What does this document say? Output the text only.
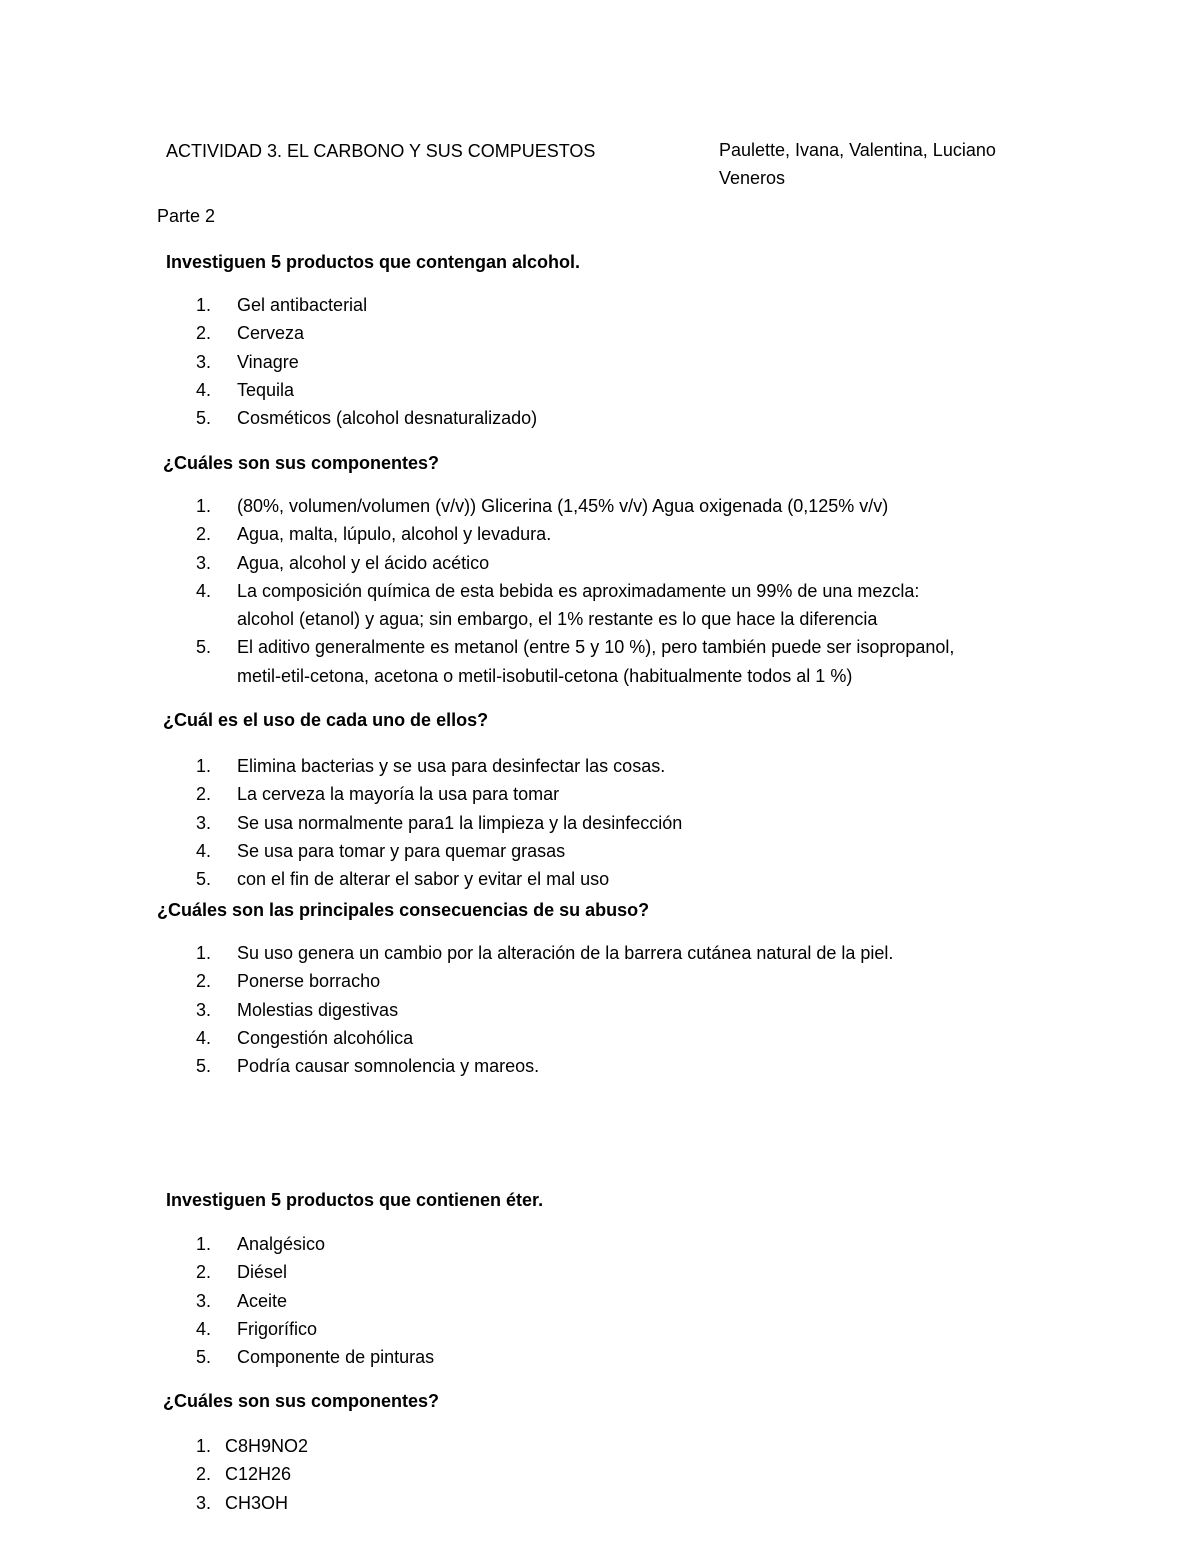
ACTIVIDAD 3. EL CARBONO Y SUS COMPUESTOS	Paulette, Ivana, Valentina, Luciano
Veneros
Parte 2
Investiguen 5 productos que contengan alcohol.
1.	Gel antibacterial
2.	Cerveza
3.	Vinagre
4.	Tequila
5.	Cosméticos (alcohol desnaturalizado)
¿Cuáles son sus componentes?
1.	(80%, volumen/volumen (v/v)) Glicerina (1,45% v/v) Agua oxigenada (0,125% v/v)
2.	Agua, malta, lúpulo, alcohol y levadura.
3.	Agua, alcohol y el ácido acético
4.	La composición química de esta bebida es aproximadamente un 99% de una mezcla:
alcohol (etanol) y agua; sin embargo, el 1% restante es lo que hace la diferencia
5.	El aditivo generalmente es metanol (entre 5 y 10 %), pero también puede ser isopropanol,
metil-etil-cetona, acetona o metil-isobutil-cetona (habitualmente todos al 1 %)
¿Cuál es el uso de cada uno de ellos?
1.	Elimina bacterias y se usa para desinfectar las cosas.
2.	La cerveza la mayoría la usa para tomar
3.	Se usa normalmente para1 la limpieza y la desinfección
4.	Se usa para tomar y para quemar grasas
5.	con el fin de alterar el sabor y evitar el mal uso
¿Cuáles son las principales consecuencias de su abuso?
1.	Su uso genera un cambio por la alteración de la barrera cutánea natural de la piel.
2.	Ponerse borracho
3.	Molestias digestivas
4.	Congestión alcohólica
5.	Podría causar somnolencia y mareos.
Investiguen 5 productos que contienen éter.
1.	Analgésico
2.	Diésel
3.	Aceite
4.	Frigorífico
5.	Componente de pinturas
¿Cuáles son sus componentes?
1. C8H9NO2
2. C12H26
3. CH3OH
